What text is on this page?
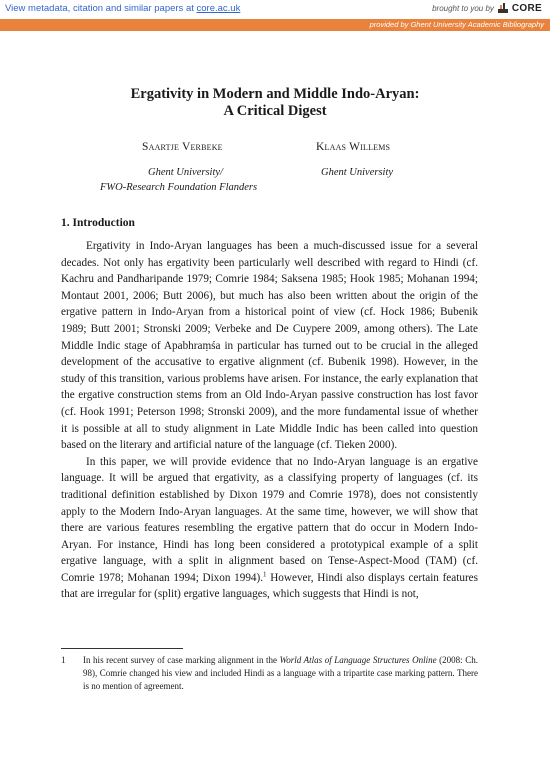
View metadata, citation and similar papers at core.ac.uk	brought to you by CORE
provided by Ghent University Academic Bibliography
Ergativity in Modern and Middle Indo-Aryan:
A Critical Digest
Saartje Verbeke	Klaas Willems
Ghent University/
FWO-Research Foundation Flanders
Ghent University
1. Introduction

Ergativity in Indo-Aryan languages has been a much-discussed issue for a several decades. Not only has ergativity been particularly well described with regard to Hindi (cf. Kachru and Pandharipande 1979; Comrie 1984; Saksena 1985; Hook 1985; Mohanan 1994; Montaut 2001, 2006; Butt 2006), but much has also been written about the origin of the ergative pattern in Indo-Aryan from a historical point of view (cf. Hock 1986; Bubenik 1989; Butt 2001; Stronski 2009; Verbeke and De Cuypere 2009, among others). The Late Middle Indic stage of Apabhraṃśa in particular has turned out to be crucial in the alleged development of the accusative to ergative alignment (cf. Bubenik 1998). However, in the study of this transition, various problems have arisen. For instance, the early explanation that the ergative construction stems from an Old Indo-Aryan passive construction has lost favor (cf. Hook 1991; Peterson 1998; Stronski 2009), and the more fundamental issue of whether it is possible at all to study alignment in Late Middle Indic has been called into question based on the literary and artificial nature of the language (cf. Tieken 2000).

In this paper, we will provide evidence that no Indo-Aryan language is an ergative language. It will be argued that ergativity, as a classifying property of languages (cf. its traditional definition established by Dixon 1979 and Comrie 1978), does not consistently apply to the Modern Indo-Aryan languages. At the same time, however, we will show that there are various features resembling the ergative pattern that do occur in Modern Indo-Aryan. For instance, Hindi has long been considered a prototypical example of a split ergative language, with a split in alignment based on Tense-Aspect-Mood (TAM) (cf. Comrie 1978; Mohanan 1994; Dixon 1994).$^1$ However, Hindi also displays certain features that are irregular for (split) ergative languages, which suggests that Hindi is not,

1 In his recent survey of case marking alignment in the World Atlas of Language Structures Online (2008: Ch. 98), Comrie changed his view and included Hindi as a language with a tripartite case marking pattern. There is no mention of agreement.
